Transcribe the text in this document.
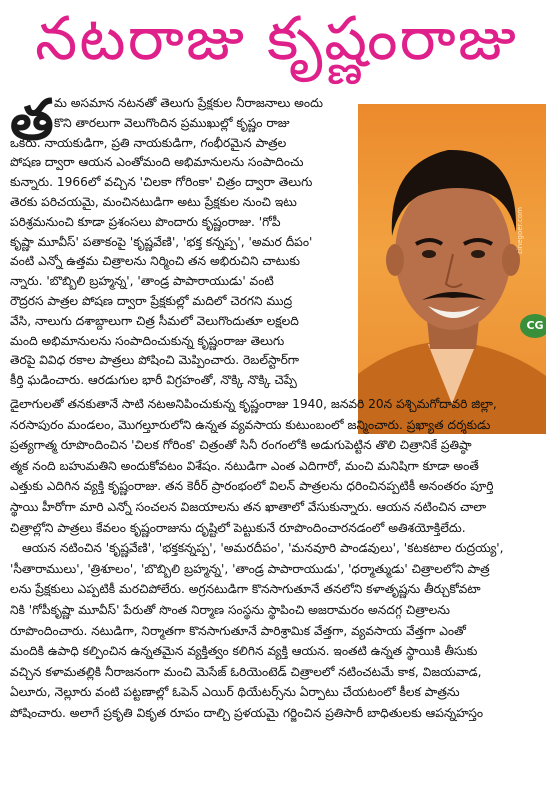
నటరాజు కృష్ణంరాజు
త మ అసమాన నటనతో తెలుగు ప్రేక్షకుల నీరాజనాలు అందు
కొని తారలుగా వెలుగొందిన ప్రముఖుల్లో కృష్ణం రాజు
ఒకరు. నాయకుడిగా, ప్రతి నాయకుడిగా, గంభీరమైన పాత్రల
పోషణ ద్వారా ఆయన ఎంతోమంది అభిమానులను సంపాదించు
కున్నారు. 1966లో వచ్చిన 'చిలకా గోరింకా' చిత్రం ద్వారా తెలుగు
తెరకు పరిచయమై, మంచినటుడిగా అటు ప్రేక్షకుల నుంచి ఇటు
పరిశ్రమనుంచి కూడా ప్రశంసలు పొందారు కృష్ణంరాజు. 'గోపీ
కృష్ణా మూవీస్' పతాకంపై 'కృష్ణవేణి', 'భక్త కన్నప్ప', 'అమర దీపం'
వంటి ఎన్నో ఉత్తమ చిత్రాలను నిర్మించి తన అభిరుచిని చాటుకు
న్నారు. 'బొబ్బిలి బ్రహ్మన్న', 'తాండ్ర పాపారాయుడు' వంటి
రౌద్రరస పాత్రల పోషణ ద్వారా ప్రేక్షకుల్లో మదిలో చెరగని ముద్ర
వేసి, నాలుగు దశాబ్దాలుగా చిత్ర సీమలో వెలుగొందుతూ లక్షలది
మంది అభిమానులను సంపాదించుకున్న కృష్ణంరాజు తెలుగు
తెరపై వివిధ రకాల పాత్రలు పోషించి మెప్పించారు. రెబల్‌స్టార్‌గా
కీర్తి ఘడించారు. ఆరడుగుల భారీ విగ్రహంతో, నొక్కి నొక్కి చెప్పే
cinegoer.com
CG
డైలాగులతో తనకుతానే సాటి నటఅనిపించుకున్న కృష్ణంరాజు 1940, జనవరి 20న పశ్చిమగోదావరి జిల్లా,
నరసాపురం మండలం, మొగల్తూరులోని ఉన్నత వ్యవసాయ కుటుంబంలో జన్మించారు. ప్రఖ్యాత దర్శకుడు
ప్రత్యగాత్మ రూపొందించిన 'చిలక గోరింక' చిత్రంతో సినీ రంగంలోకి అడుగుపెట్టిన తొలి చిత్రానికే ప్రతిష్ఠా
త్మక నంది బహుమతిని అందుకోవటం విశేషం. నటుడిగా ఎంత ఎదిగారో, మంచి మనిషిగా కూడా అంతే
ఎత్తుకు ఎదిగిన వ్యక్తి కృష్ణంరాజు. తన కెరీర్ ప్రారంభంలో విలన్ పాత్రలను ధరించినప్పటికీ అనంతరం పూర్తి
స్థాయి హీరోగా మారి ఎన్నో సంచలన విజయాలను తన ఖాతాలో వేసుకున్నారు. ఆయన నటించిన చాలా
చిత్రాల్లోని పాత్రలు కేవలం కృష్ణంరాజును దృష్టిలో పెట్టుకునే రూపొందించారనడంలో అతిశయోక్తిలేదు.
ఆయన నటించిన 'కృష్ణవేణి', 'భక్తకన్నప్ప', 'అమరదీపం', 'మనవూరి పాండవులు', 'కటకటాల రుద్రయ్య',
'సీతారాములు', 'త్రిశూలం', 'బొబ్బిలి బ్రహ్మన్న', 'తాండ్ర పాపారాయుడు', 'ధర్మాత్ముడు' చిత్రాలలోని పాత్ర
లను ప్రేక్షకులు ఎప్పటికీ మరచిపోలేరు. అగ్రనటుడిగా కొనసాగుతూనే తనలోని కళాతృష్ణను తీర్చుకోవటా
నికి 'గోపీకృష్ణా మూవీస్' పేరుతో సొంత నిర్మాణ సంస్థను స్థాపించి అజరామరం అనదగ్గ చిత్రాలను
రూపొందించారు. నటుడిగా, నిర్మాతగా కొనసాగుతూనే పారిశ్రామిక వేత్తగా, వ్యవసాయ వేత్తగా ఎంతో
మందికి ఉపాధి కల్పించిన ఉన్నతమైన వ్యక్తిత్వం కలిగిన వ్యక్తి ఆయన. ఇంతటి ఉన్నత స్థాయికి తీసుకు
వచ్చిన కళామతల్లికి నీరాజనంగా మంచి మెసేజ్ ఓరియెంటెడ్ చిత్రాలలో నటించటమే కాక, విజయవాడ,
ఏలూరు, నెల్లూరు వంటి పట్టణాల్లో ఓపెన్ ఎయిర్ థియేటర్స్‌ను ఏర్పాటు చేయటంలో కీలక పాత్రను
పోషించారు. అలాగే ప్రకృతి వికృత రూపం దాల్చి ప్రళయమై గర్జించిన ప్రతిసారీ బాధితులకు ఆపన్నహస్తం
